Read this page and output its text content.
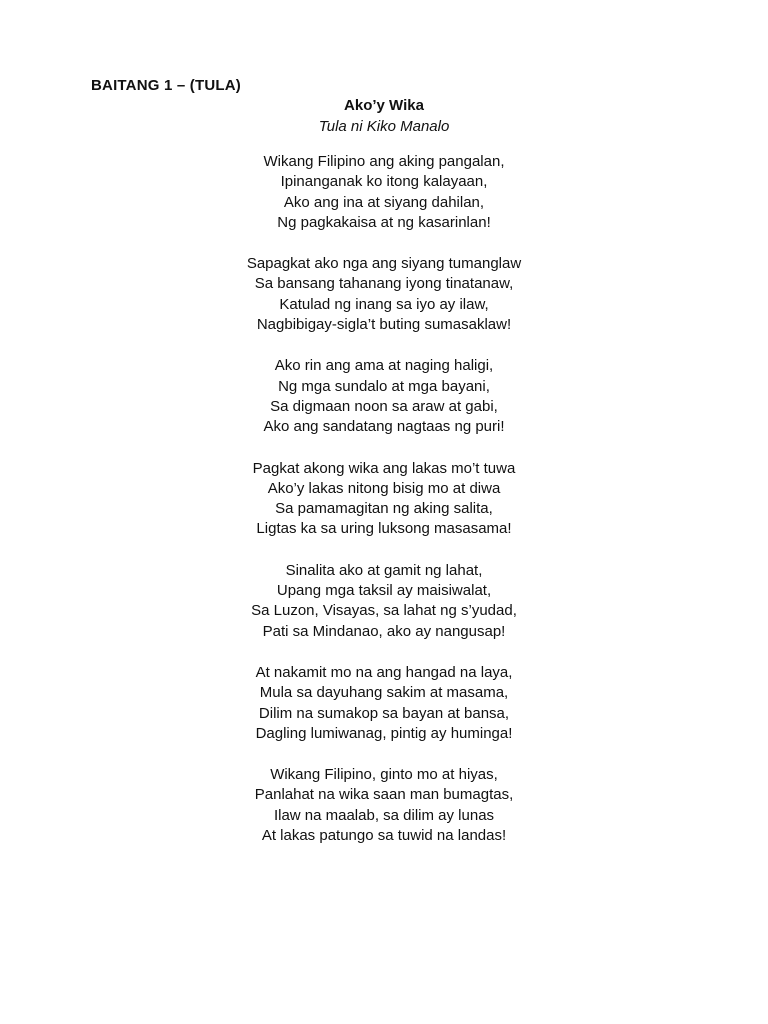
BAITANG 1 – (TULA)
Ako’y Wika

Tula ni Kiko Manalo

Wikang Filipino ang aking pangalan,
Ipinanganak ko itong kalayaan,
Ako ang ina at siyang dahilan,
Ng pagkakaisa at ng kasarinlan!
Sapagkat ako nga ang siyang tumanglaw
Sa bansang tahanang iyong tinatanaw,
Katulad ng inang sa iyo ay ilaw,
Nagbibigay-sigla’t buting sumasaklaw!
Ako rin ang ama at naging haligi,
Ng mga sundalo at mga bayani,
Sa digmaan noon sa araw at gabi,
Ako ang sandatang nagtaas ng puri!
Pagkat akong wika ang lakas mo’t tuwa
Ako’y lakas nitong bisig mo at diwa
Sa pamamagitan ng aking salita,
Ligtas ka sa uring luksong masasama!
Sinalita ako at gamit ng lahat,
Upang mga taksil ay maisiwalat,
Sa Luzon, Visayas, sa lahat ng s’yudad,
Pati sa Mindanao, ako ay nangusap!
At nakamit mo na ang hangad na laya,
Mula sa dayuhang sakim at masama,
Dilim na sumakop sa bayan at bansa,
Dagling lumiwanag, pintig ay huminga!
Wikang Filipino, ginto mo at hiyas,
Panlahat na wika saan man bumagtas,
Ilaw na maalab, sa dilim ay lunas
At lakas patungo sa tuwid na landas!
